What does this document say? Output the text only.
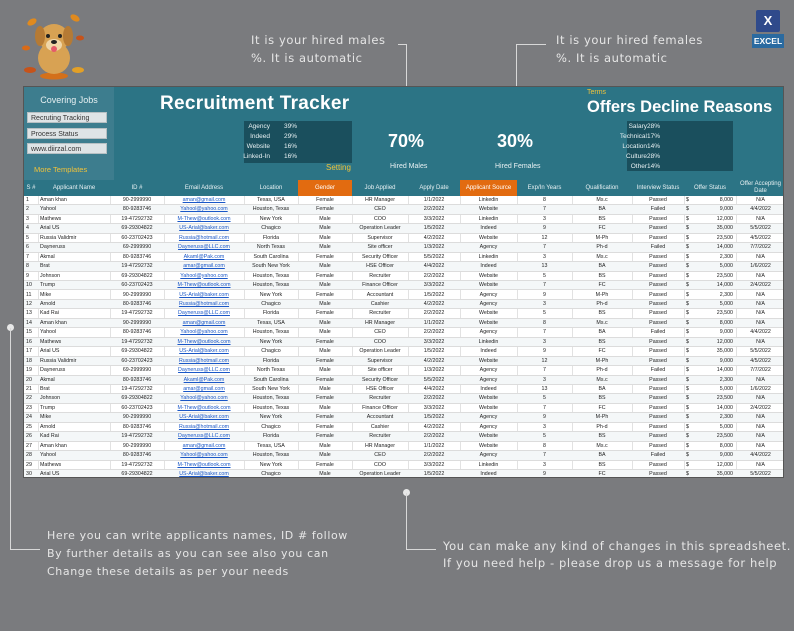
It is your hired males
%. It is automatic
It is your hired females
%. It is automatic
Here you can write applicants names, ID # follow
By further details as you can see also you can
Change these details as per your needs
You can make any kind of changes in this spreadsheet.
If you need help - please drop us a message for help
X
EXCEL
Covering Jobs
Recruting Tracking
Process Status
www.diirzal.com
More Templates
Recruitment Tracker
Setting
Agency 39%
Indeed 29%
Website 16%
Linked-In 16%
70%
Hired Males
30%
Hired Females
Terms
Offers Decline Reasons
Salary 28%
Technical 17%
Location 14%
Culture 28%
Other 14%
S #	Applicant Name	ID #	Email Address	Location	Gender	Job Applied	Apply Date	Applicant Source	Exp/In Years	Qualification	Interview Status	Offer Status
Offer Accepting Date
1	Aman khan	90-2999990	aman@gmail.com	Texas, USA	Female	HR Manager	1/1/2022	Linkedin	8	Ms.c	Passed	$	8,000	N/A
2	Yahool	80-9283746	Yahool@yahoo.com	Houston, Texas	Female	CEO	2/2/2022	Website	7	BA	Failed	$	9,000	4/4/2022
3	Mathews	19-47292732	M-Thew@outlook.com	New York	Male	COO	3/3/2022	Linkedin	3	BS	Passed	$	12,000	N/A
4	Arial US	69-29304822	US-Arial@baker.com	Chagico	Male	Operation Leader	1/5/2022	Indeed	9	FC	Passed	$	35,000	5/5/2022
5	Russia Validmir	60-23702423	Russia@hotmail.com	Florida	Male	Supervisor	4/2/2022	Website	12	M-Ph	Passed	$	23,500	4/5/2022
6	Dayneruss	69-2999990	Dayneruss@LLC.com	North Texas	Male	Site officer	1/3/2022	Agency	7	Ph-d	Failed	$	14,000	7/7/2022
7	Akmal	80-9283746	Akaml@Pak.com	South Carolina	Female	Security Officer	5/5/2022	Linkedin	3	Ms.c	Passed	$	2,300	N/A
8	Brat	19-47292732	amar@gmail.com	South New York	Male	HSE Officer	4/4/2022	Indeed	13	BA	Passed	$	5,000	1/6/2022
9	Johnson	69-29304822	Yahool@yahoo.com	Houston, Texas	Female	Recruiter	2/2/2022	Website	5	BS	Passed	$	23,500	N/A
10	Trump	60-23702423	M-Thew@outlook.com	Houston, Texas	Male	Finance Officer	3/3/2022	Website	7	FC	Passed	$	14,000	2/4/2022
11	Mike	90-2999990	US-Arial@baker.com	New York	Female	Accountant	1/5/2022	Agency	9	M-Ph	Passed	$	2,300	N/A
12	Arnold	80-9283746	Russia@hotmail.com	Chagico	Male	Cashier	4/2/2022	Agency	3	Ph-d	Passed	$	5,000	N/A
13	Kad Rai	19-47292732	Dayneruss@LLC.com	Florida	Female	Recruiter	2/2/2022	Website	5	BS	Passed	$	23,500	N/A
14	Aman khan	90-2999990	aman@gmail.com	Texas, USA	Male	HR Manager	1/1/2022	Website	8	Ms.c	Passed	$	8,000	N/A
15	Yahool	80-9283746	Yahool@yahoo.com	Houston, Texas	Male	CEO	2/2/2022	Agency	7	BA	Failed	$	9,000	4/4/2022
16	Mathews	19-47292732	M-Thew@outlook.com	New York	Female	COO	3/3/2022	Linkedin	3	BS	Passed	$	12,000	N/A
17	Arial US	69-29304822	US-Arial@baker.com	Chagico	Male	Operation Leader	1/5/2022	Indeed	9	FC	Passed	$	35,000	5/5/2022
18	Russia Validmir	60-23702423	Russia@hotmail.com	Florida	Female	Supervisor	4/2/2022	Website	12	M-Ph	Passed	$	9,000	4/5/2022
19	Dayneruss	69-2999990	Dayneruss@LLC.com	North Texas	Male	Site officer	1/3/2022	Agency	7	Ph-d	Failed	$	14,000	7/7/2022
20	Akmal	80-9283746	Akaml@Pak.com	South Carolina	Female	Security Officer	5/5/2022	Agency	3	Ms.c	Passed	$	2,300	N/A
21	Brat	19-47292732	amar@gmail.com	South New York	Male	HSE Officer	4/4/2022	Indeed	13	BA	Passed	$	5,000	1/6/2022
22	Johnson	69-29304822	Yahool@yahoo.com	Houston, Texas	Female	Recruiter	2/2/2022	Website	5	BS	Passed	$	23,500	N/A
23	Trump	60-23702423	M-Thew@outlook.com	Houston, Texas	Male	Finance Officer	3/3/2022	Website	7	FC	Passed	$	14,000	2/4/2022
24	Mike	90-2999990	US-Arial@baker.com	New York	Female	Accountant	1/5/2022	Agency	9	M-Ph	Passed	$	2,300	N/A
25	Arnold	80-9283746	Russia@hotmail.com	Chagico	Female	Cashier	4/2/2022	Agency	3	Ph-d	Passed	$	5,000	N/A
26	Kad Rai	19-47292732	Dayneruss@LLC.com	Florida	Female	Recruiter	2/2/2022	Website	5	BS	Passed	$	23,500	N/A
27	Aman khan	90-2999990	aman@gmail.com	Texas, USA	Male	HR Manager	1/1/2022	Website	8	Ms.c	Passed	$	8,000	N/A
28	Yahool	80-9283746	Yahool@yahoo.com	Houston, Texas	Male	CEO	2/2/2022	Agency	7	BA	Failed	$	9,000	4/4/2022
29	Mathews	19-47292732	M-Thew@outlook.com	New York	Female	COO	3/3/2022	Linkedin	3	BS	Passed	$	12,000	N/A
30	Arial US	69-29304822	US-Arial@baker.com	Chagico	Male	Operation Leader	1/5/2022	Indeed	9	FC	Passed	$	35,000	5/5/2022
